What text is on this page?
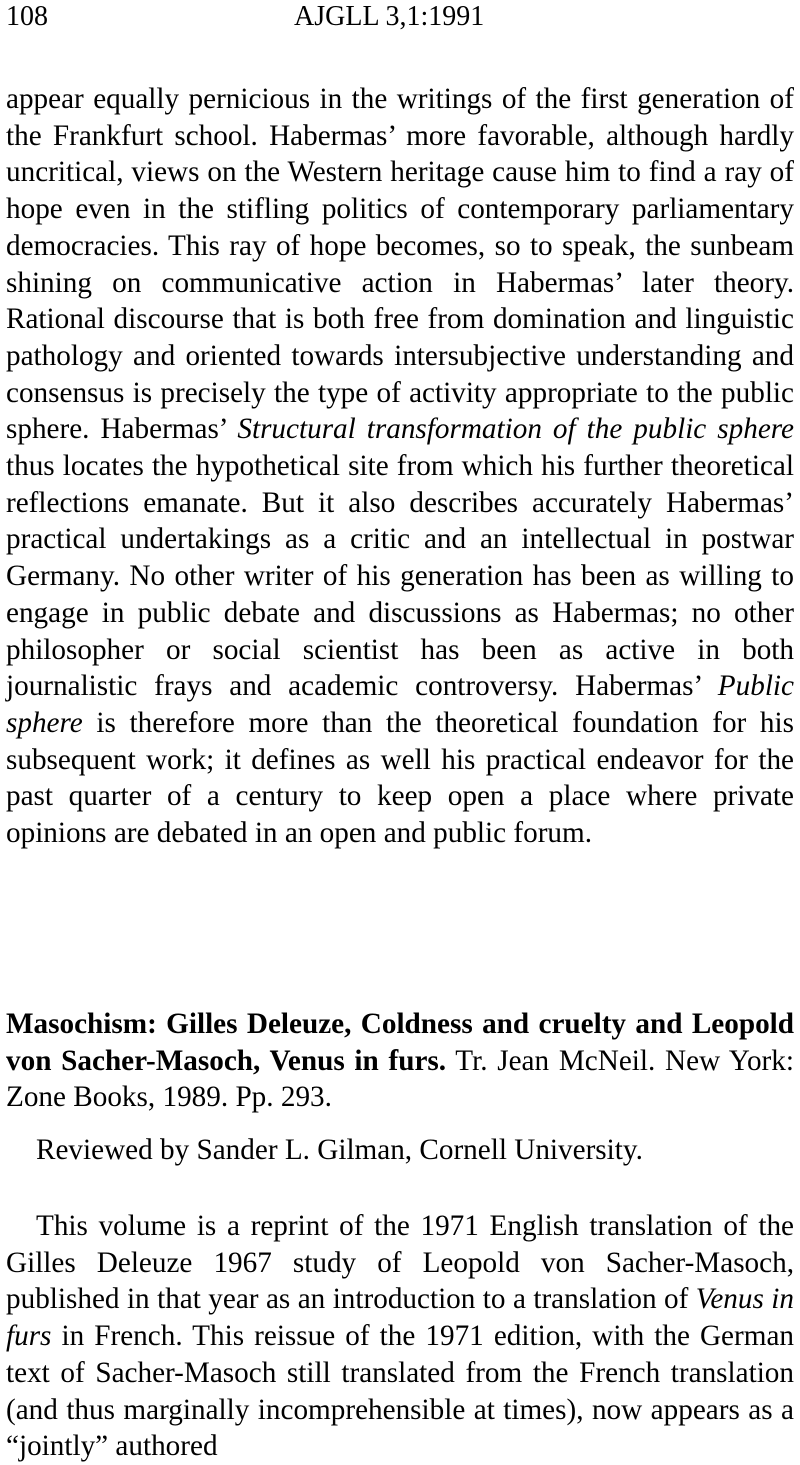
108	AJGLL 3,1:1991

appear equally pernicious in the writings of the first generation of the Frankfurt school. Habermas’ more favorable, although hardly uncritical, views on the Western heritage cause him to find a ray of hope even in the stifling politics of contemporary parliamentary democracies. This ray of hope becomes, so to speak, the sunbeam shining on communicative action in Habermas’ later theory. Rational discourse that is both free from domination and linguistic pathology and oriented towards intersubjective understanding and consensus is precisely the type of activity appropriate to the public sphere. Habermas’ Structural transformation of the public sphere thus locates the hypothetical site from which his further theoretical reflections emanate. But it also describes accurately Habermas’ practical undertakings as a critic and an intellectual in postwar Germany. No other writer of his generation has been as willing to engage in public debate and discussions as Habermas; no other philosopher or social scientist has been as active in both journalistic frays and academic controversy. Habermas’ Public sphere is therefore more than the theoretical foundation for his subsequent work; it defines as well his practical endeavor for the past quarter of a century to keep open a place where private opinions are debated in an open and public forum.

Masochism: Gilles Deleuze, Coldness and cruelty and Leopold von Sacher-Masoch, Venus in furs. Tr. Jean McNeil. New York: Zone Books, 1989. Pp. 293.

Reviewed by Sander L. Gilman, Cornell University.

This volume is a reprint of the 1971 English translation of the Gilles Deleuze 1967 study of Leopold von Sacher-Masoch, published in that year as an introduction to a translation of Venus in furs in French. This reissue of the 1971 edition, with the German text of Sacher-Masoch still translated from the French translation (and thus marginally incomprehensible at times), now appears as a “jointly” authored
